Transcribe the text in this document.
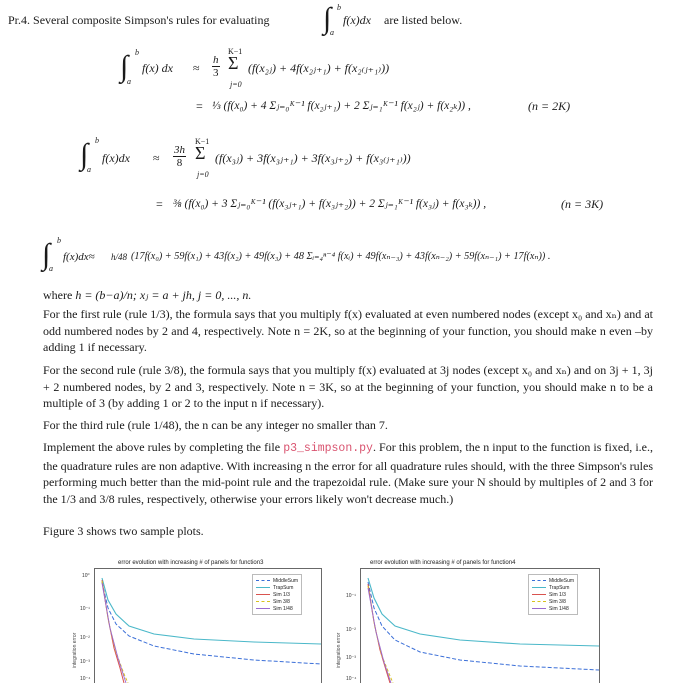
Pr.4. Several composite Simpson's rules for evaluating ∫ b
a
f(x)dx are listed below.
∫ b
a
f(x) dx ≈ $\frac{h}{3}$
K−1
Σ
j=0
(f(x₂ⱼ) + 4f(x₂ⱼ₊₁) + f(x₂₍ⱼ₊₁₎))
= ⅓ (f(x₀) + 4 Σⱼ₌₀ᴷ⁻¹ f(x₂ⱼ₊₁) + 2 Σⱼ₌₁ᴷ⁻¹ f(x₂ⱼ) + f(x₂ₖ)) ,	(n = 2K)
∫ b
a
$f(x)dx \approx \frac{3h}{8}$
K−1
Σ
j=0
(f(x₃ⱼ) + 3f(x₃ⱼ₊₁) + 3f(x₃ⱼ₊₂) + f(x₃₍ⱼ₊₁₎))
= ⅜ (f(x₀) + 3 Σⱼ₌₀ᴷ⁻¹ (f(x₃ⱼ₊₁) + f(x₃ⱼ₊₂)) + 2 Σⱼ₌₁ᴷ⁻¹ f(x₃ⱼ) + f(x₃ₖ)) ,	(n = 3K)
∫ b
a
f(x)dx≈ h/48 (17f(x₀) + 59f(x₁) + 43f(x₂) + 49f(x₃) + 48 Σᵢ₌₄ⁿ⁻⁴ f(xᵢ) + 49f(xₙ₋₃) + 43f(xₙ₋₂) + 59f(xₙ₋₁) + 17f(xₙ)) .
where h = (b−a)/n; xⱼ = a + jh, j = 0, ..., n.
For the first rule (rule 1/3), the formula says that you multiply f(x) evaluated at even numbered nodes (except x₀ and xₙ) and at odd numbered nodes by 2 and 4, respectively. Note n = 2K, so at the beginning of your function, you should make n even –by adding 1 if necessary.
For the second rule (rule 3/8), the formula says that you multiply f(x) evaluated at 3j nodes (except x₀ and xₙ) and on 3j + 1, 3j + 2 numbered nodes, by 2 and 3, respectively. Note n = 3K, so at the beginning of your function, you should make n to be a multiple of 3 (by adding 1 or 2 to the input n if necessary).
For the third rule (rule 1/48), the n can be any integer no smaller than 7.
Implement the above rules by completing the file p3_simpson.py. For this problem, the n input to the function is fixed, i.e., the quadrature rules are non adaptive. With increasing n the error for all quadrature rules should, with the three Simpson's rules performing much better than the mid-point rule and the trapezoidal rule. (Make sure your N should by multiples of 2 and 3 for the 1/3 and 3/8 rules, respectively, otherwise your errors likely won't decrease much.)
Figure 3 shows two sample plots.
error evolution with increasing # of panels for function3
integration error
10⁰
10⁻¹
10⁻²
10⁻³
10⁻⁴
MiddleSum
TrapSum
Sim 1/3
Sim 3/8
Sim 1/48
error evolution with increasing # of panels for function4
integration error
10⁻¹
10⁻²
10⁻³
10⁻⁴
MiddleSum
TrapSum
Sim 1/3
Sim 3/8
Sim 1/48
